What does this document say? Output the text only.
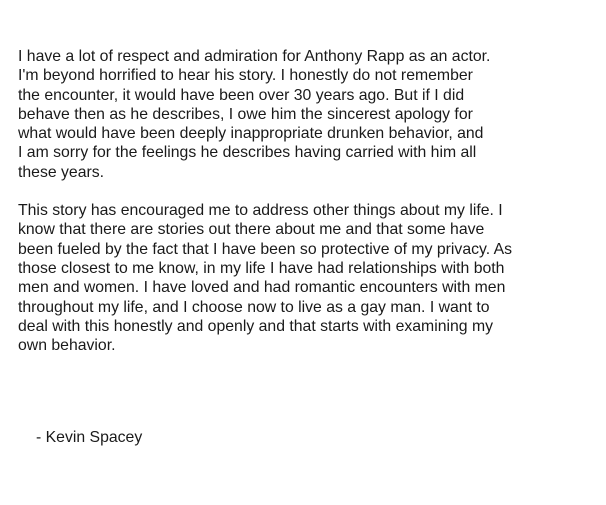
I have a lot of respect and admiration for Anthony Rapp as an actor.
I'm beyond horrified to hear his story. I honestly do not remember
the encounter, it would have been over 30 years ago. But if I did
behave then as he describes, I owe him the sincerest apology for
what would have been deeply inappropriate drunken behavior, and
I am sorry for the feelings he describes having carried with him all
these years.

This story has encouraged me to address other things about my life. I
know that there are stories out there about me and that some have
been fueled by the fact that I have been so protective of my privacy. As
those closest to me know, in my life I have had relationships with both
men and women. I have loved and had romantic encounters with men
throughout my life, and I choose now to live as a gay man. I want to
deal with this honestly and openly and that starts with examining my
own behavior.

- Kevin Spacey
